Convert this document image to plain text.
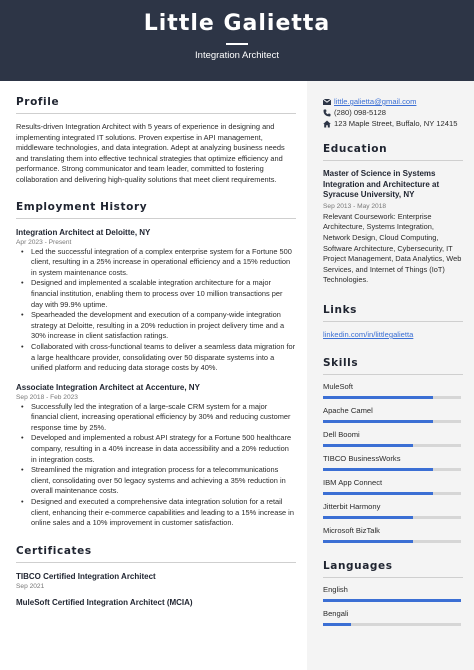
Little Galietta
Integration Architect
Profile
Results-driven Integration Architect with 5 years of experience in designing and implementing integrated IT solutions. Proven expertise in API management, middleware technologies, and data integration. Adept at analyzing business needs and translating them into effective technical strategies that optimize efficiency and performance. Strong communicator and team leader, committed to fostering collaboration and delivering high-quality solutions that meet client requirements.
Employment History
Integration Architect at Deloitte, NY
Apr 2023 - Present
• Led the successful integration of a complex enterprise system for a Fortune 500 client, resulting in a 25% increase in operational efficiency and a 15% reduction in system maintenance costs.
• Designed and implemented a scalable integration architecture for a major financial institution, enabling them to process over 10 million transactions per day with 99.9% uptime.
• Spearheaded the development and execution of a company-wide integration strategy at Deloitte, resulting in a 20% reduction in project delivery time and a 30% increase in client satisfaction ratings.
• Collaborated with cross-functional teams to deliver a seamless data migration for a large healthcare provider, consolidating over 50 disparate systems into a unified platform and reducing data storage costs by 40%.
Associate Integration Architect at Accenture, NY
Sep 2018 - Feb 2023
• Successfully led the integration of a large-scale CRM system for a major financial client, increasing operational efficiency by 30% and reducing customer response time by 25%.
• Developed and implemented a robust API strategy for a Fortune 500 healthcare company, resulting in a 40% increase in data accessibility and a 20% reduction in integration costs.
• Streamlined the migration and integration process for a telecommunications client, consolidating over 50 legacy systems and achieving a 35% reduction in overall maintenance costs.
• Designed and executed a comprehensive data integration solution for a retail client, enhancing their e-commerce capabilities and leading to a 15% increase in online sales and a 10% improvement in customer satisfaction.
Certificates
TIBCO Certified Integration Architect
Sep 2021
MuleSoft Certified Integration Architect (MCIA)
little.galietta@gmail.com
(280) 098-5128
123 Maple Street, Buffalo, NY 12415
Education
Master of Science in Systems Integration and Architecture at Syracuse University, NY
Sep 2013 - May 2018
Relevant Coursework: Enterprise Architecture, Systems Integration, Network Design, Cloud Computing, Software Architecture, Cybersecurity, IT Project Management, Data Analytics, Web Services, and Internet of Things (IoT) Technologies.
Links
linkedin.com/in/littlegalietta
Skills
MuleSoft
Apache Camel
Dell Boomi
TIBCO BusinessWorks
IBM App Connect
Jitterbit Harmony
Microsoft BizTalk
Languages
English
Bengali
